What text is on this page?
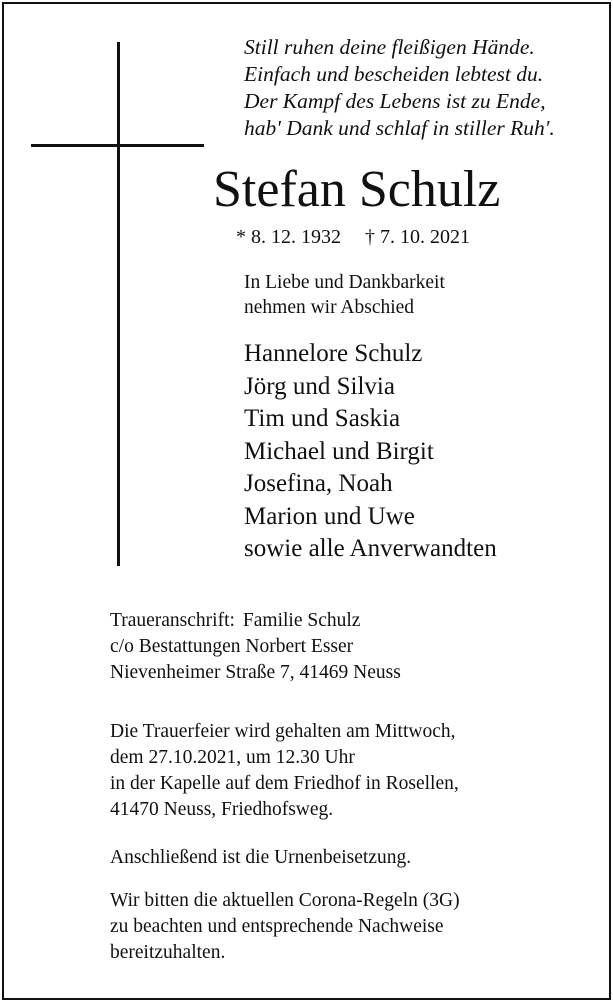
Still ruhen deine fleißigen Hände.
Einfach und bescheiden lebtest du.
Der Kampf des Lebens ist zu Ende,
hab' Dank und schlaf in stiller Ruh'.
Stefan Schulz
* 8. 12. 1932 † 7. 10. 2021
In Liebe und Dankbarkeit
nehmen wir Abschied
Hannelore Schulz
Jörg und Silvia
Tim und Saskia
Michael und Birgit
Josefina, Noah
Marion und Uwe
sowie alle Anverwandten
Traueranschrift: Familie Schulz
c/o Bestattungen Norbert Esser
Nievenheimer Straße 7, 41469 Neuss
Die Trauerfeier wird gehalten am Mittwoch,
dem 27.10.2021, um 12.30 Uhr
in der Kapelle auf dem Friedhof in Rosellen,
41470 Neuss, Friedhofsweg.
Anschließend ist die Urnenbeisetzung.
Wir bitten die aktuellen Corona-Regeln (3G)
zu beachten und entsprechende Nachweise
bereitzuhalten.
